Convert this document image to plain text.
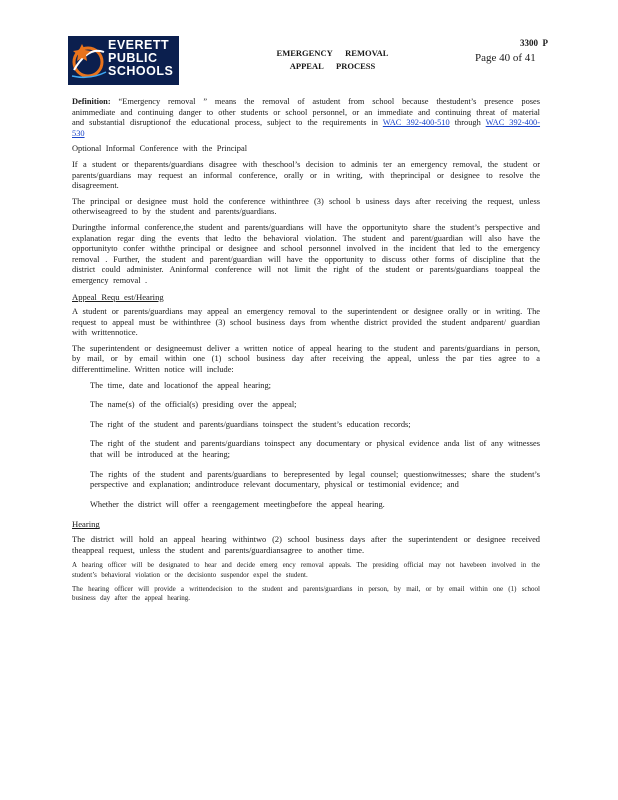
EVERETT
PUBLIC
SCHOOLS
EMERGENCY      REMOVAL
APPEAL      PROCESS
3300 P
Page 40 of 41

Definition: “Emergency removal ” means the removal of astudent from school because thestudent’s presence poses animmediate and continuing danger to other students or school personnel, or an immediate and continuing threat of material and substantial disruptionof the educational process, subject to the requirements in WAC 392-400-510 through WAC 392-400-530

Optional Informal Conference with the Principal

If a student or theparents/guardians disagree with theschool’s decision to adminis ter an emergency removal, the student or parents/guardians may request an informal conference, orally or in writing, with theprincipal or designee to resolve the disagreement.

The principal or designee must hold the conference withinthree (3) school b usiness days after receiving the request, unless otherwiseagreed to by the student and parents/guardians.

Duringthe informal conference,the student and parents/guardians will have the opportunityto share the student’s perspective and explanation regar ding the events that ledto the behavioral violation. The student and parent/guardian will also have the opportunityto confer withthe principal or designee and school personnel involved in the incident that led to the emergency removal . Further, the student and parent/guardian will have the opportunity to discuss other forms of discipline that the district could administer. Aninformal conference will not limit the right of the student or parents/guardians toappeal the emergency removal .

Appeal Requ est/Hearing

A student or parents/guardians may appeal an emergency removal to the superintendent or designee orally or in writing. The request to appeal must be withinthree (3) school business days from whenthe district provided the student andparent/ guardian with writtennotice.

The superintendent or designeemust deliver a written notice of appeal hearing to the student and parents/guardians in person, by mail, or by email within one (1) school business day after receiving the appeal, unless the par ties agree to a differenttimeline. Written notice will include:

The time, date and locationof the appeal hearing;
The name(s) of the official(s) presiding over the appeal;
The right of the student and parents/guardians toinspect the student’s education records;
The right of the student and parents/guardians toinspect any documentary or physical evidence anda list of any witnesses that will be introduced at the hearing;
The rights of the student and parents/guardians to berepresented by legal counsel; questionwitnesses; share the student’s perspective and explanation; andintroduce relevant documentary, physical or testimonial evidence; and
Whether the district will offer a reengagement meetingbefore the appeal hearing.

Hearing

The district will hold an appeal hearing withintwo (2) school business days after the superintendent or designee received theappeal request, unless the student and parents/guardiansagree to another time.

A hearing officer will be designated to hear and decide emerg ency removal appeals. The presiding official may not havebeen involved in the student’s behavioral violation or the decisionto suspendor expel the student.

The hearing officer will provide a writtendecision to the student and parents/guardians in person, by mail, or by email within one (1) school business day after the appeal hearing.
